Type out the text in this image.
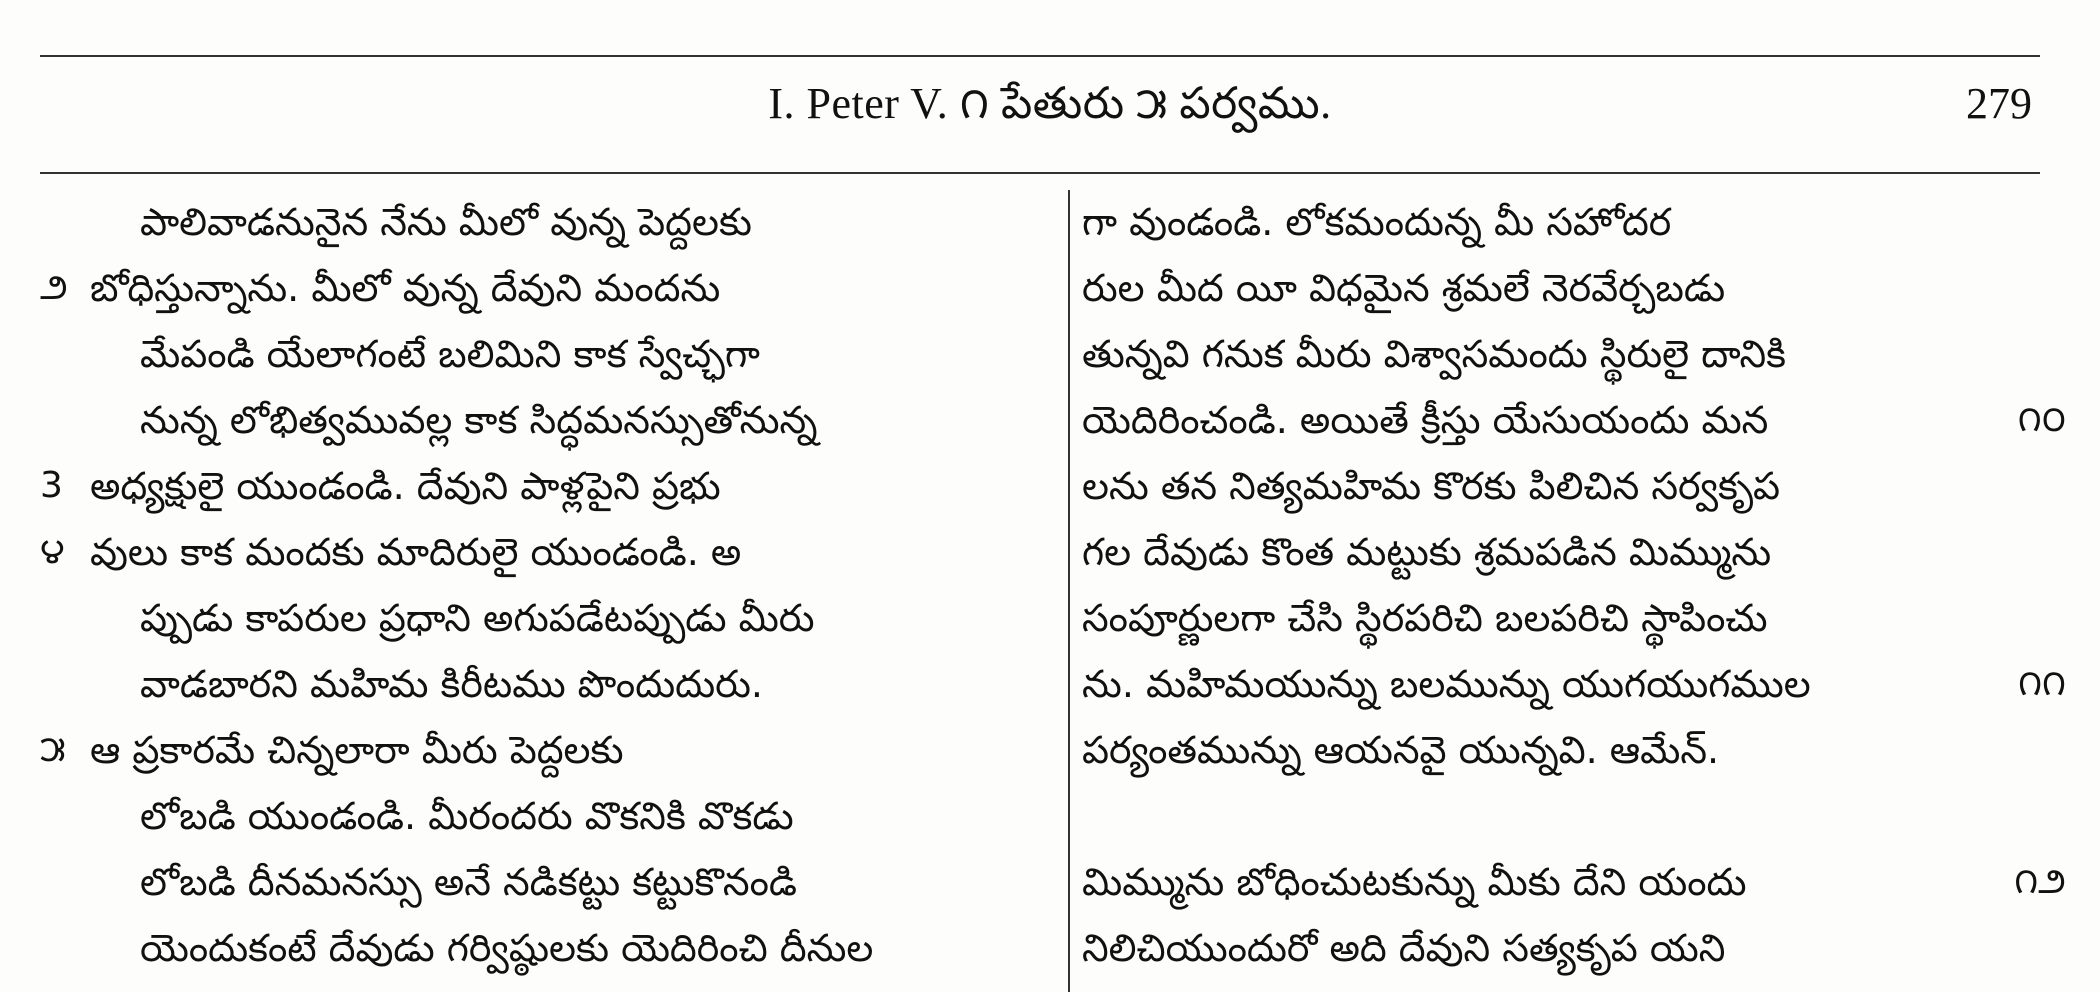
I. Peter V. ౧ పేతురు ౫ పర్వము.	279
పాలివాడనునైన నేను మీలో వున్న పెద్దలకు
౨ బోధిస్తున్నాను. మీలో వున్న దేవుని మందను
మేపండి యేలాగంటే బలిమిని కాక స్వేచ్ఛగా
నున్న లోభిత్వమువల్ల కాక సిద్ధమనస్సుతోనున్న
3 అధ్యక్షులై యుండండి. దేవుని పాళ్లపైని ప్రభు
౪ వులు కాక మందకు మాదిరులై యుండండి. అ
ప్పుడు కాపరుల ప్రధాని అగుపడేటప్పుడు మీరు
వాడబారని మహిమ కిరీటము పొందుదురు.
౫ ఆ ప్రకారమే చిన్నలారా మీరు పెద్దలకు
లోబడి యుండండి. మీరందరు వొకనికి వొకడు
లోబడి దీనమనస్సు అనే నడికట్టు కట్టుకొనండి
యెందుకంటే దేవుడు గర్విష్ఠులకు యెదిరించి దీనుల
గా వుండండి. లోకమందున్న మీ సహోదర
రుల మీద యీ విధమైన శ్రమలే నెరవేర్చబడు
తున్నవి గనుక మీరు విశ్వాసమందు స్థిరులై దానికి
యెదిరించండి. అయితే క్రీస్తు యేసుయందు మన
లను తన నిత్యమహిమ కొరకు పిలిచిన సర్వకృప
గల దేవుడు కొంత మట్టుకు శ్రమపడిన మిమ్మును
సంపూర్ణులగా చేసి స్థిరపరిచి బలపరిచి స్థాపించు
ను. మహిమయున్ను బలమున్ను యుగయుగముల
పర్యంతమున్ను ఆయనవై యున్నవి. ఆమేన్.
మిమ్మును బోధించుటకున్ను మీకు దేని యందు
నిలిచియుందురో అది దేవుని సత్యకృప యని
౧౦
౧౧
౧౨
